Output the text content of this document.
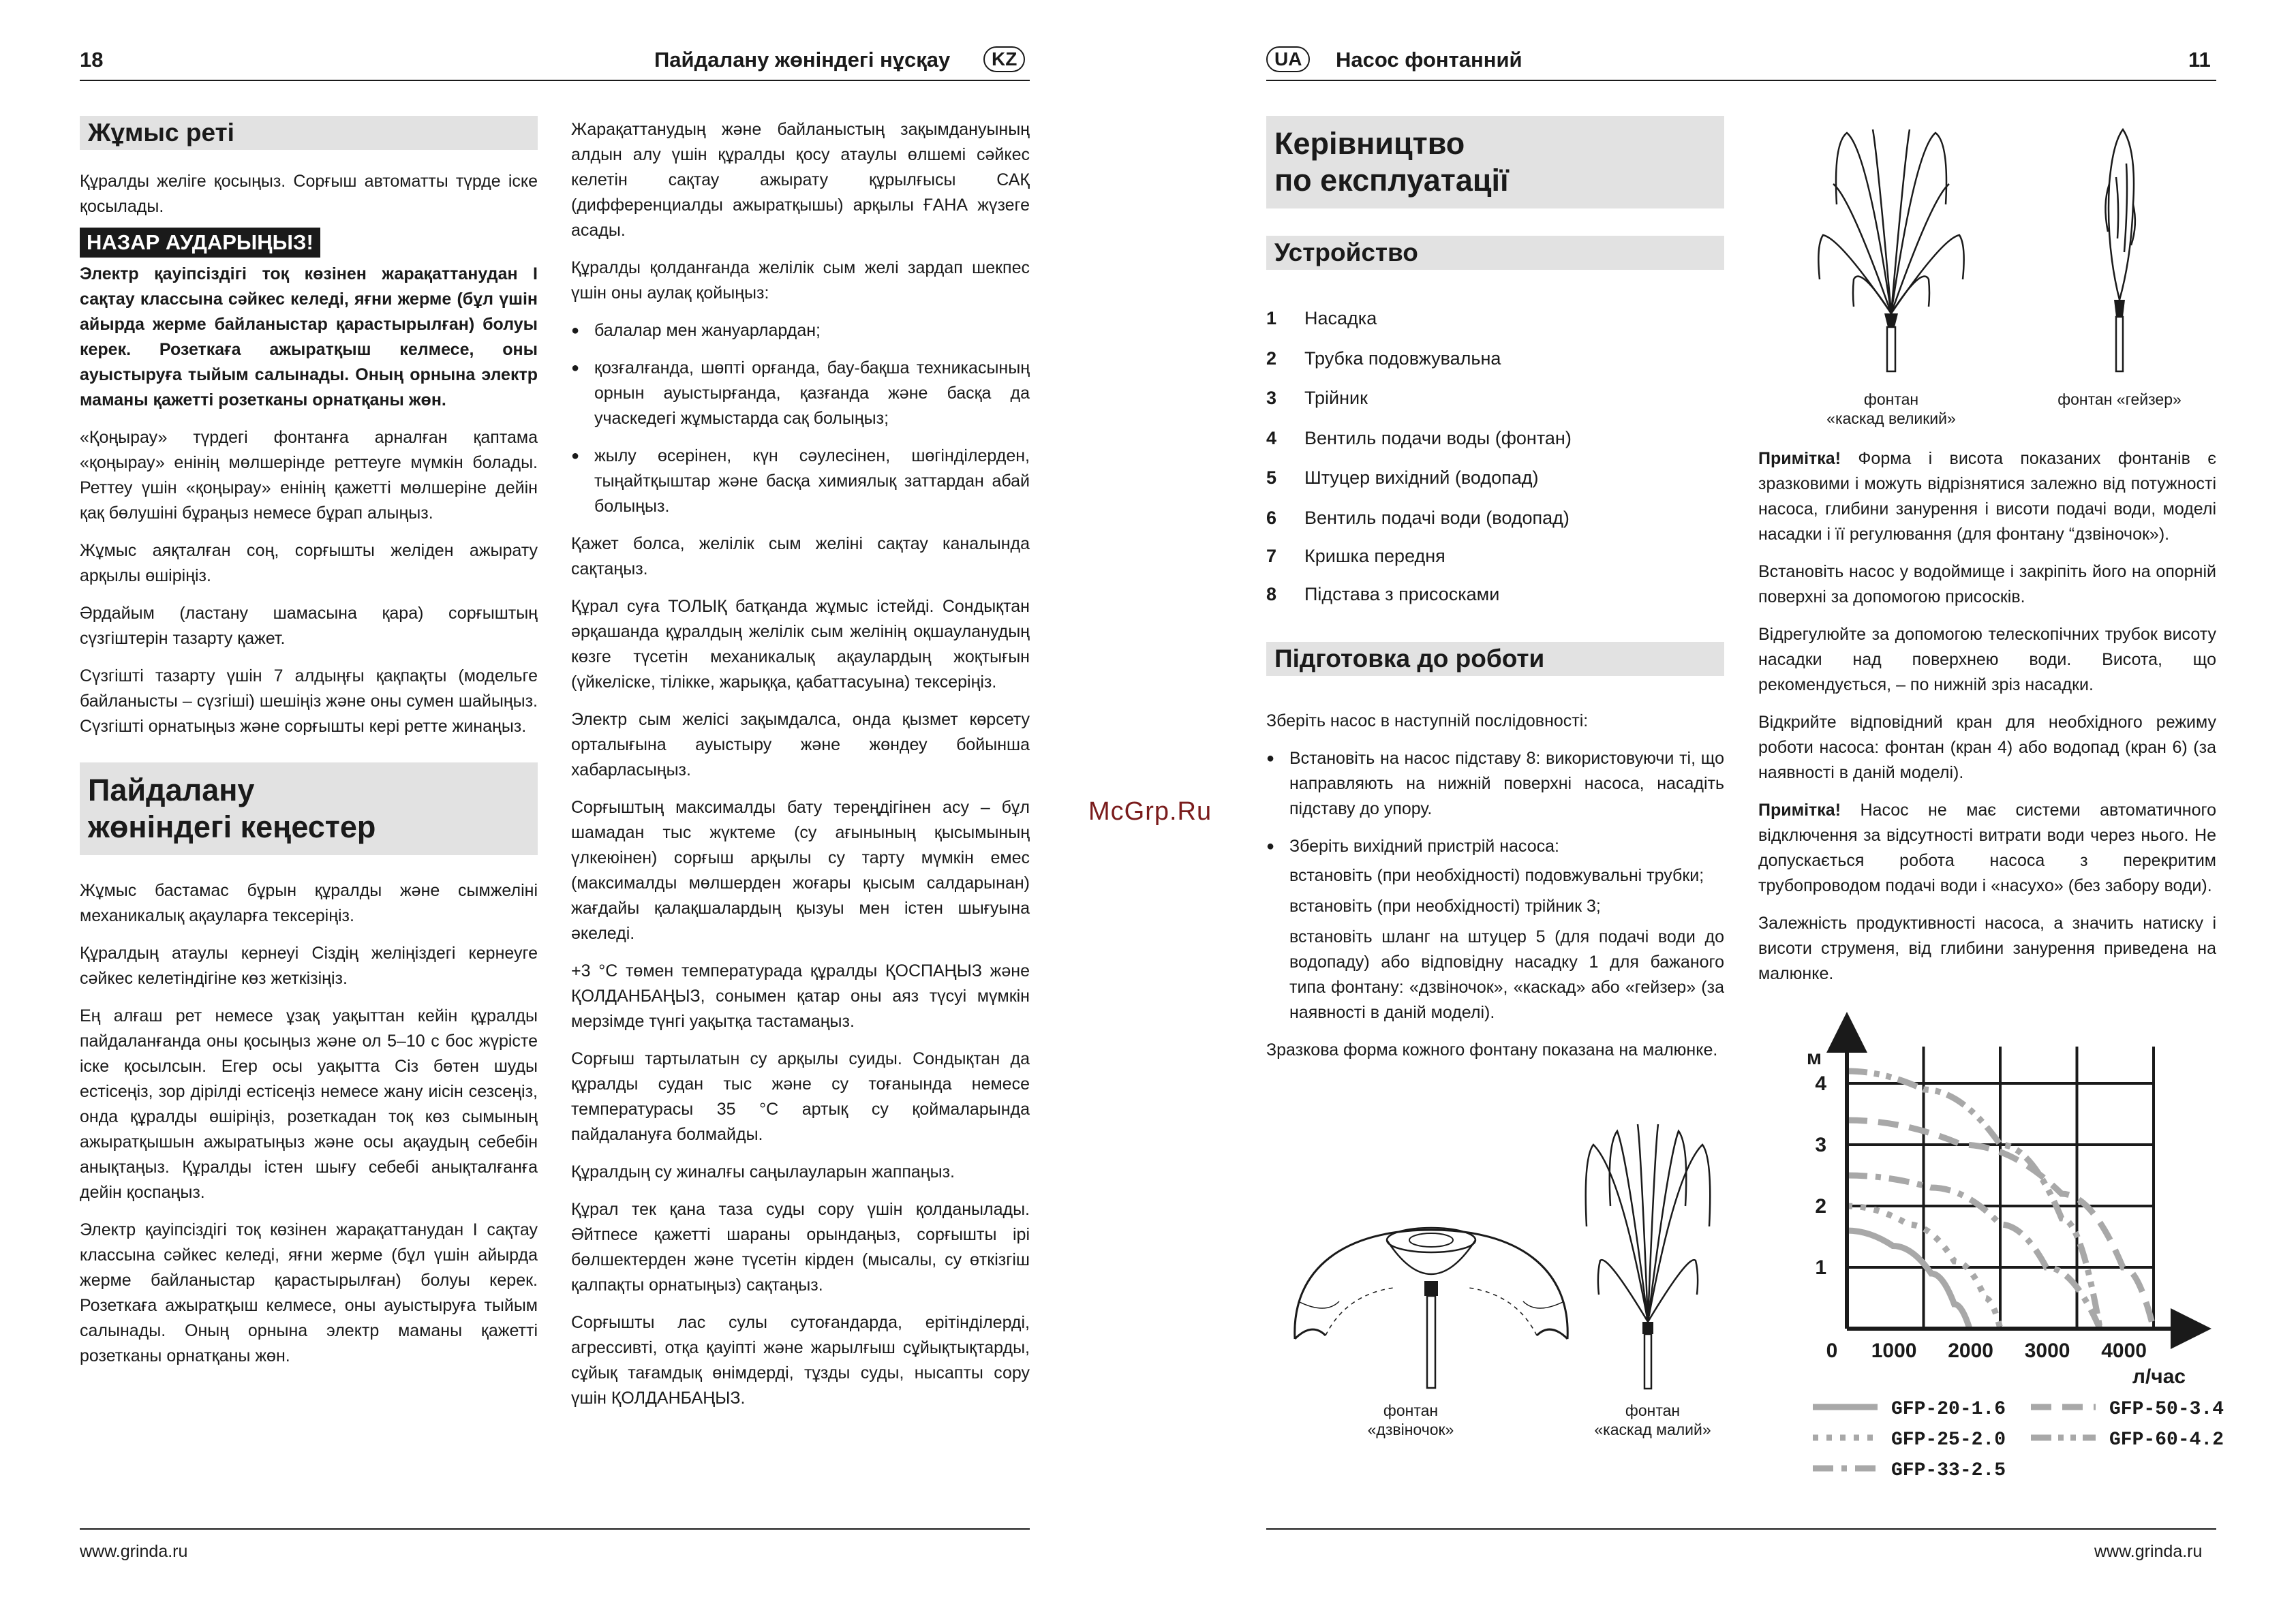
18	Пайдалану жөніндегі нұсқау	KZ
Жұмыс реті

Құралды желіге қосыңыз. Сорғыш автоматты түрде іске қосылады.

НАЗАР АУДАРЫҢЫЗ!

Электр қауіпсіздігі тоқ көзінен жарақаттанудан I сақтау классына сәйкес келеді, яғни жерме (бұл үшін айырда жерме байланыстар қарастырылған) болуы керек. Розеткаға ажыратқыш келмесе, оны ауыстыруға тыйым салынады. Оның орнына электр маманы қажетті розетканы орнатқаны жөн.

«Қоңырау» түрдегі фонтанға арналған қаптама «қоңырау» енінің мөлшерінде реттеуге мүмкін болады. Реттеу үшін «қоңырау» енінің қажетті мөлшеріне дейін қақ бөлушіні бұраңыз немесе бұрап алыңыз.

Жұмыс аяқталған соң, сорғышты желіден ажырату арқылы өшіріңіз.

Әрдайым (ластану шамасына қара) сорғыштың сүзгіштерін тазарту қажет.

Сүзгішті тазарту үшін 7 алдыңғы қақпақты (модельге байланысты – сүзгіші) шешіңіз және оны сумен шайыңыз. Сүзгішті орнатыңыз және сорғышты кері ретте жинаңыз.

Пайдалану
жөніндегі кеңестер

Жұмыс бастамас бұрын құралды және сымжеліні механикалық ақауларға тексеріңіз.

Құралдың атаулы кернеуі Сіздің желіңіздегі кернеуге сәйкес келетіндігіне көз жеткізіңіз.

Ең алғаш рет немесе ұзақ уақыттан кейін құралды пайдаланғанда оны қосыңыз және ол 5–10 с бос жүрісте іске қосылсын. Егер осы уақытта Сіз бөтен шуды естісеңіз, зор дірілді естісеңіз немесе жану иісін сезсеңіз, онда құралды өшіріңіз, розеткадан тоқ көз сымының ажыратқышын ажыратыңыз және осы ақаудың себебін анықтаңыз. Құралды істен шығу себебі анықталғанға дейін қоспаңыз.

Электр қауіпсіздігі тоқ көзінен жарақаттанудан I сақтау классына сәйкес келеді, яғни жерме (бұл үшін айырда жерме байланыстар қарастырылған) болуы керек. Розеткаға ажыратқыш келмесе, оны ауыстыруға тыйым салынады. Оның орнына электр маманы қажетті розетканы орнатқаны жөн.

Жарақаттанудың және байланыстың зақымдануының алдын алу үшін құралды қосу атаулы өлшемі сәйкес келетін сақтау ажырату құрылғысы САҚ (дифференциалды ажыратқышы) арқылы ҒАНА жүзеге асады.

Құралды қолданғанда желілік сым желі зардап шекпес үшін оны аулақ қойыңыз:

● балалар мен жануарлардан;
● қозғалғанда, шөпті орғанда, бау-бақша техникасының орнын ауыстырғанда, қазғанда және басқа да учаскедегі жұмыстарда сақ болыңыз;
● жылу өсерінен, күн сәулесінен, шөгінділерден, тыңайтқыштар және басқа химиялық заттардан абай болыңыз.

Қажет болса, желілік сым желіні сақтау каналында сақтаңыз.

Құрал суға ТОЛЫҚ батқанда жұмыс істейді. Сондықтан әрқашанда құралдың желілік сым желінің оқшауланудың көзге түсетін механикалық ақаулардың жоқтығын (үйкеліске, тілікке, жарыққа, қабаттасуына) тексеріңіз.

Электр сым желісі зақымдалса, онда қызмет көрсету орталығына ауыстыру және жөндеу бойынша хабарласыңыз.

Сорғыштың максималды бату тереңдігінен асу – бұл шамадан тыс жүктеме (су ағынының қысымының үлкеюінен) сорғыш арқылы су тарту мүмкін емес (максималды мөлшерден жоғары қысым салдарынан) жағдайы қалақшалардың қызуы мен істен шығуына әкеледі.

+3 °С төмен температурада құралды ҚОСПАҢЫЗ және ҚОЛДАНБАҢЫЗ, сонымен қатар оны аяз түсуі мүмкін мерзімде түнгі уақытқа тастамаңыз.

Сорғыш тартылатын су арқылы суиды. Сондықтан да құралды судан тыс және су тоғанында немесе температурасы 35 °С артық су қоймаларында пайдалануға болмайды.

Құралдың су жиналғы саңылауларын жаппаңыз.

Құрал тек қана таза суды сору үшін қолданылады. Әйтпесе қажетті шараны орындаңыз, сорғышты ірі бөлшектерден және түсетін кірден (мысалы, су өткізгіш қалпақты орнатыңыз) сақтаңыз.

Сорғышты лас сулы сутоғандарда, ерітінділерді, агрессивті, отқа қауіпті және жарылғыш сұйықтықтарды, сұйық тағамдық өнімдерді, тұзды суды, нысапты сору үшін ҚОЛДАНБАҢЫЗ.

www.grinda.ru
McGrp.Ru
UA	Насос фонтанний	11
Керівництво
по експлуатації
Устройство
1 Насадка
2 Трубка подовжувальна
3 Трійник
4 Вентиль подачи воды (фонтан)
5 Штуцер вихідний (водопад)
6 Вентиль подачі води (водопад)
7 Кришка передня
8 Підстава з присосками
Підготовка до роботи

Зберіть насос в наступній послідовності:

● Встановіть на насос підставу 8: використовуючи ті, що направляють на нижній поверхні насоса, насадіть підставу до упору.
● Зберіть вихідний пристрій насоса:

встановіть (при необхідності) подовжувальні трубки;

встановіть (при необхідності) трійник 3;

встановіть шланг на штуцер 5 (для подачі води до водопаду) або відповідну насадку 1 для бажаного типа фонтану: «дзвіночок», «каскад» або «гейзер» (за наявності в даній моделі).

Зразкова форма кожного фонтану показана на малюнке.

фонтан
«дзвіночок»
фонтан
«каскад малий»
фонтан
«каскад великий»
фонтан «гейзер»

Примітка! Форма і висота показаних фонтанів є зразковими і можуть відрізнятися залежно від потужності насоса, глибини занурення і висоти подачі води, моделі насадки і її регулювання (для фонтану “дзвіночок»).

Встановіть насос у водоймище і закріпіть його на опорній поверхні за допомогою присосків.

Відрегулюйте за допомогою телескопічних трубок висоту насадки над поверхнею води. Висота, що рекомендується, – по нижній зріз насадки.

Відкрийте відповідний кран для необхідного режиму роботи насоса: фонтан (кран 4) або водопад (кран 6) (за наявності в даній моделі).

Примітка! Насос не має системи автоматичного відключення за відсутності витрати води через нього. Не допускається робота насоса з перекритим трубопроводом подачі води і «насухо» (без забору води).

Залежність продуктивності насоса, а значить натиску і висоти струменя, від глибини занурення приведена на малюнке.

1
2
3
4
0 1000 2000 3000 4000
м
л/час
GFP-20-1.6
GFP-25-2.0
GFP-33-2.5
GFP-50-3.4
GFP-60-4.2
www.grinda.ru
